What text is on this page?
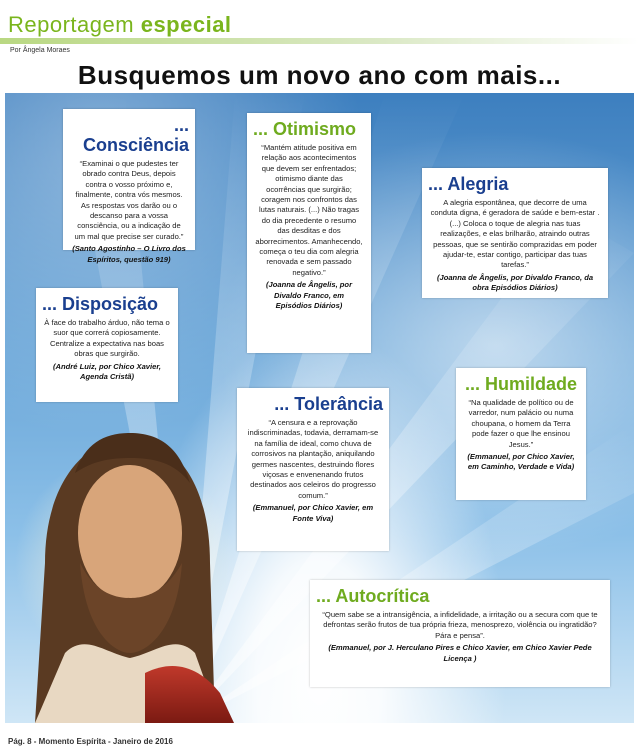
Reportagem especial
Por Ângela Moraes
Busquemos um novo ano com mais...
... Consciência

“Examinai o que pudestes ter obrado contra Deus, depois contra o vosso próximo e, finalmente, contra vós mesmos. As respostas vos darão ou o descanso para a vossa consciência, ou a indicação de um mal que precise ser curado.”

(Santo Agostinho – O Livro dos Espíritos, questão 919)

... Otimismo

“Mantém atitude positiva em relação aos acontecimentos que devem ser enfrentados; otimismo diante das ocorrências que surgirão; coragem nos confrontos das lutas naturais. (...) Não tragas do dia precedente o resumo das desditas e dos aborrecimentos. Amanhecendo, começa o teu dia com alegria renovada e sem passado negativo.”

(Joanna de Ângelis, por Divaldo Franco, em Episódios Diários)

... Alegria

A alegria espontânea, que decorre de uma conduta digna, é geradora de saúde e bem-estar . (...) Coloca o toque de alegria nas tuas realizações, e elas brilharão, atraindo outras pessoas, que se sentirão comprazidas em poder ajudar-te, estar contigo, participar das tuas tarefas.”

(Joanna de Ângelis, por Divaldo Franco, da obra Episódios Diários)

... Disposição

À face do trabalho árduo, não tema o suor que correrá copiosamente. Centralize a expectativa nas boas obras que surgirão.

(André Luiz, por Chico Xavier, Agenda Cristã)	... Humildade

“Na qualidade de político ou de varredor, num palácio ou numa choupana, o homem da Terra pode fazer o que lhe ensinou Jesus.”

(Emmanuel, por Chico Xavier, em Caminho, Verdade e Vida)

... Tolerância

“A censura e a reprovação indiscriminadas, todavia, derramam-se na família de ideal, como chuva de corrosivos na plantação, aniquilando germes nascentes, destruindo flores viçosas e envenenando frutos destinados aos celeiros do progresso comum.”

(Emmanuel, por Chico Xavier, em Fonte Viva)

... Autocrítica

“Quem sabe se a intransigência, a infidelidade, a irritação ou a secura com que te defrontas serão frutos de tua própria frieza, menosprezo, violência ou ingratidão? Pára e pensa”.

(Emmanuel, por J. Herculano Pires e Chico Xavier, em Chico Xavier Pede Licença )

Pág. 8 - Momento Espírita - Janeiro de 2016
